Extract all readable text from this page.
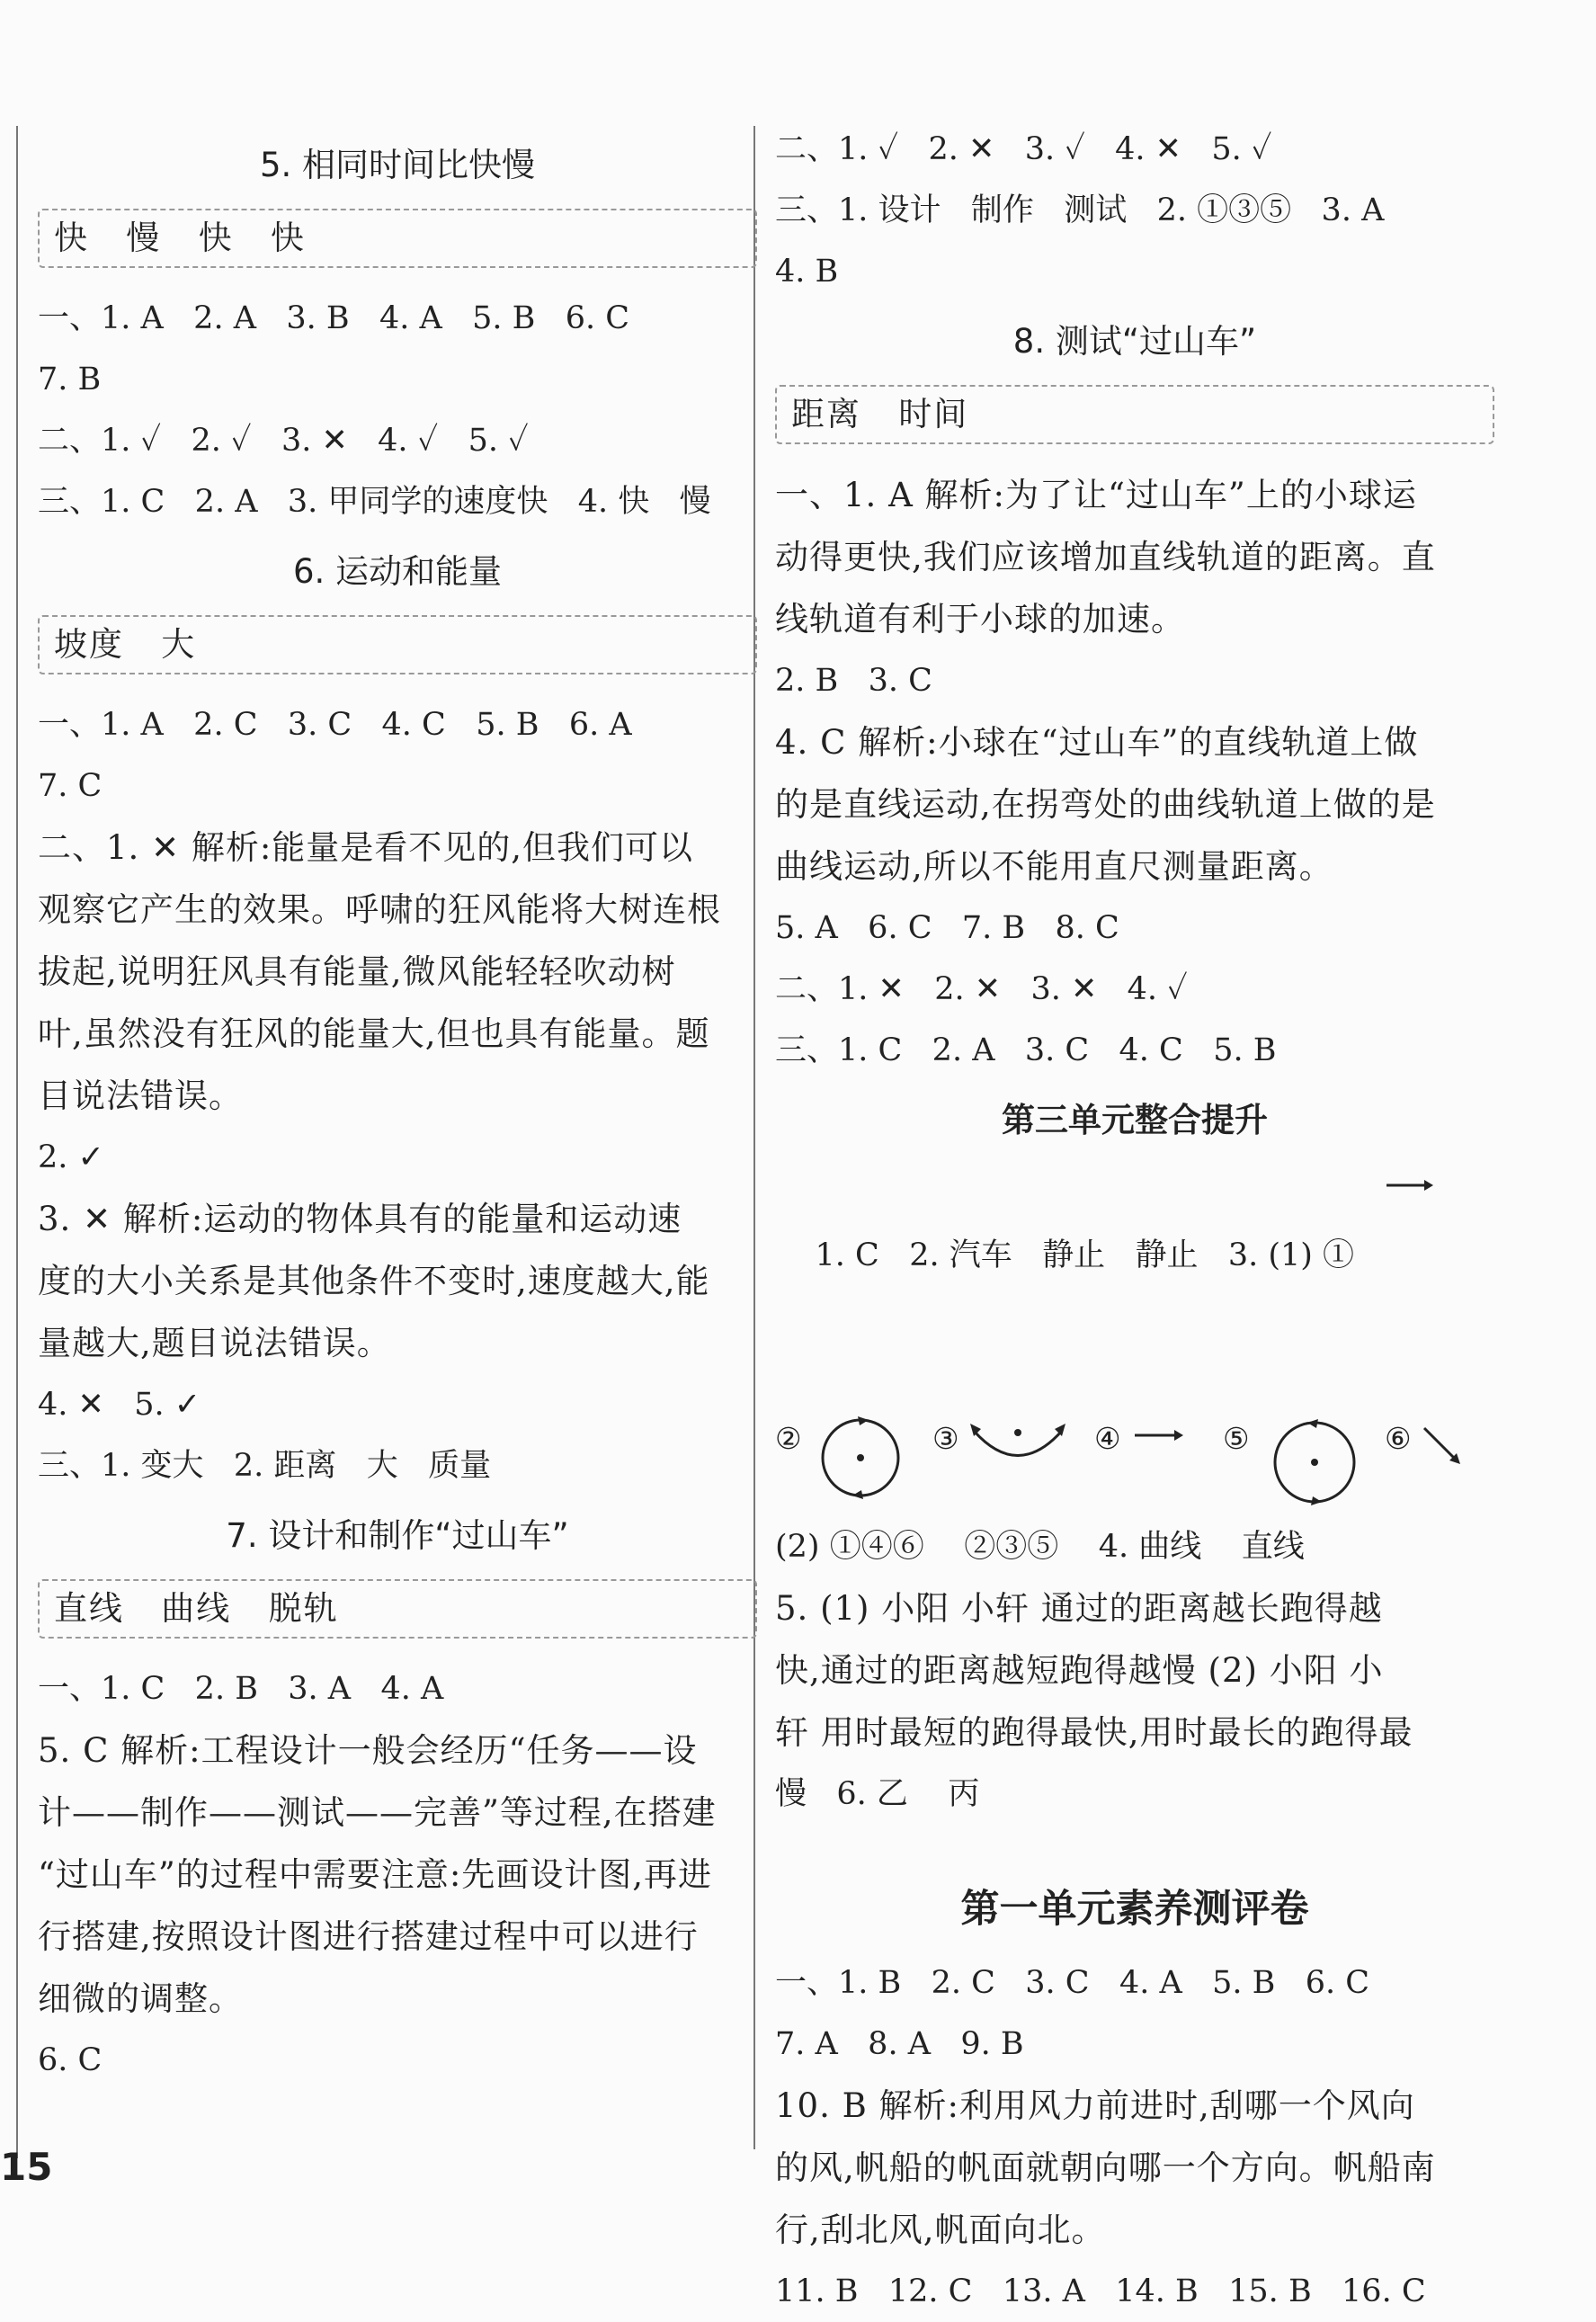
5. 相同时间比快慢
快   慢   快   快
一、1. A   2. A   3. B   4. A   5. B   6. C
7. B
二、1. ✓   2. ✓   3. ✕   4. ✓   5. ✓
三、1. C   2. A   3. 甲同学的速度快   4. 快   慢
6. 运动和能量
坡度   大
一、1. A   2. C   3. C   4. C   5. B   6. A
7. C
二、1. ✕ 解析:能量是看不见的,但我们可以
观察它产生的效果。呼啸的狂风能将大树连根
拔起,说明狂风具有能量,微风能轻轻吹动树
叶,虽然没有狂风的能量大,但也具有能量。题
目说法错误。
2. ✓
3. ✕ 解析:运动的物体具有的能量和运动速
度的大小关系是其他条件不变时,速度越大,能
量越大,题目说法错误。
4. ✕   5. ✓
三、1. 变大   2. 距离   大   质量
7. 设计和制作“过山车”
直线   曲线   脱轨
一、1. C   2. B   3. A   4. A
5. C 解析:工程设计一般会经历“任务——设
计——制作——测试——完善”等过程,在搭建
“过山车”的过程中需要注意:先画设计图,再进
行搭建,按照设计图进行搭建过程中可以进行
细微的调整。
6. C
二、1. ✓   2. ✕   3. ✓   4. ✕   5. ✓
三、1. 设计   制作   测试   2. ①③⑤   3. A
4. B
8. 测试“过山车”
距离   时间
一、1. A 解析:为了让“过山车”上的小球运
动得更快,我们应该增加直线轨道的距离。直
线轨道有利于小球的加速。
2. B   3. C
4. C 解析:小球在“过山车”的直线轨道上做
的是直线运动,在拐弯处的曲线轨道上做的是
曲线运动,所以不能用直尺测量距离。
5. A   6. C   7. B   8. C
二、1. ✕   2. ✕   3. ✕   4. ✓
三、1. C   2. A   3. C   4. C   5. B
第三单元整合提升

1. C   2. 汽车   静止   静止   3. (1) ①

②	③	④	⑤	⑥
(2) ①④⑥    ②③⑤    4. 曲线    直线
5. (1) 小阳 小轩 通过的距离越长跑得越
快,通过的距离越短跑得越慢 (2) 小阳 小
轩 用时最短的跑得最快,用时最长的跑得最
慢   6. 乙    丙
第一单元素养测评卷
一、1. B   2. C   3. C   4. A   5. B   6. C
7. A   8. A   9. B
10. B 解析:利用风力前进时,刮哪一个风向
的风,帆船的帆面就朝向哪一个方向。帆船南
行,刮北风,帆面向北。
11. B   12. C   13. A   14. B   15. B   16. C
15
